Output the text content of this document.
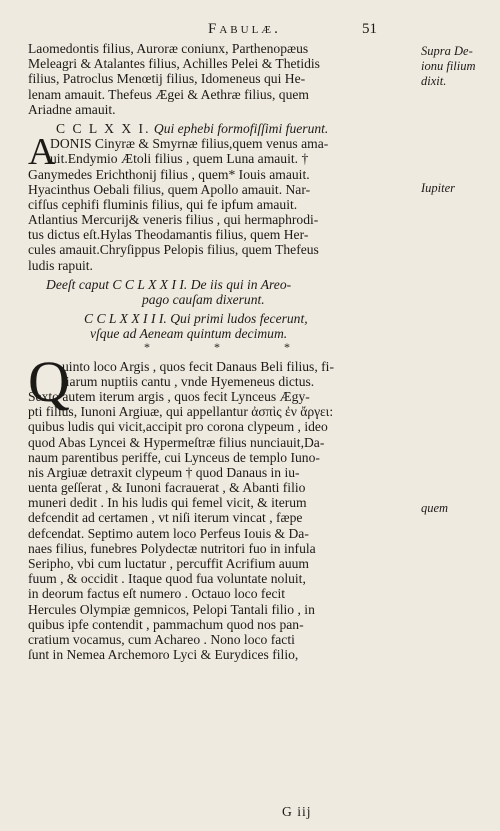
Fabulæ.	51
Supra De-
ionu filium
dixit.
Iupiter
quem
Laomedontis filius, Auroræ coniunx, Parthenopæus
Meleagri & Atalantes filius, Achilles Pelei & Thetidis
filius, Patroclus Menœtij filius, Idomeneus qui He-
lenam amauit. Thefeus Ægei & Aethræ filius, quem
Ariadne amauit.
C C L X X I. Qui ephebi formofiſſimi fuerunt.
A
DONIS Cinyræ & Smyrnæ filius,quem venus ama-
uit.Endymio Ætoli filius , quem Luna amauit. †
Ganymedes Erichthonij filius , quem* Iouis amauit.
Hyacinthus Oebali filius, quem Apollo amauit. Nar-
cifſus cephifi fluminis filius, qui fe ipfum amauit.
Atlantius Mercurij& veneris filius , qui hermaphrodi-
tus dictus eſt.Hylas Theodamantis filius, quem Her-
cules amauit.Chryſippus Pelopis filius, quem Thefeus
ludis rapuit.
Deeſt caput C C L X X I I. De iis qui in Areo-
pago cauſam dixerunt.
C C L X X I I I. Qui primi ludos fecerunt,
vſque ad Aeneam quintum decimum.
*	*	*
Q
uinto loco Argis , quos fecit Danaus Beli filius, fi-
liarum nuptiis cantu , vnde Hyemeneus dictus.
Sexto autem iterum argis , quos fecit Lynceus Ægy-
pti filius, Iunoni Argiuæ, qui appellantur ἀσπὶς ἐν ἄργει:
quibus ludis qui vicit,accipit pro corona clypeum , ideo
quod Abas Lyncei & Hypermeſtræ filius nunciauit,Da-
naum parentibus periffe, cui Lynceus de templo Iuno-
nis Argiuæ detraxit clypeum † quod Danaus in iu-
uenta geſſerat , & Iunoni facrauerat , & Abanti filio
muneri dedit . In his ludis qui femel vicit, & iterum
defcendit ad certamen , vt niſi iterum vincat , fæpe
defcendat. Septimo autem loco Perfeus Iouis & Da-
naes filius, funebres Polydectæ nutritori fuo in infula
Seripho, vbi cum luctatur , percuffit Acrifium auum
fuum , & occidit . Itaque quod fua voluntate noluit,
in deorum factus eſt numero . Octauo loco fecit
Hercules Olympiæ gemnicos, Pelopi Tantali filio , in
quibus ipfe contendit , pammachum quod nos pan-
cratium vocamus, cum Achareo . Nono loco facti
ſunt in Nemea Archemoro Lyci & Eurydices filio,
G iij
